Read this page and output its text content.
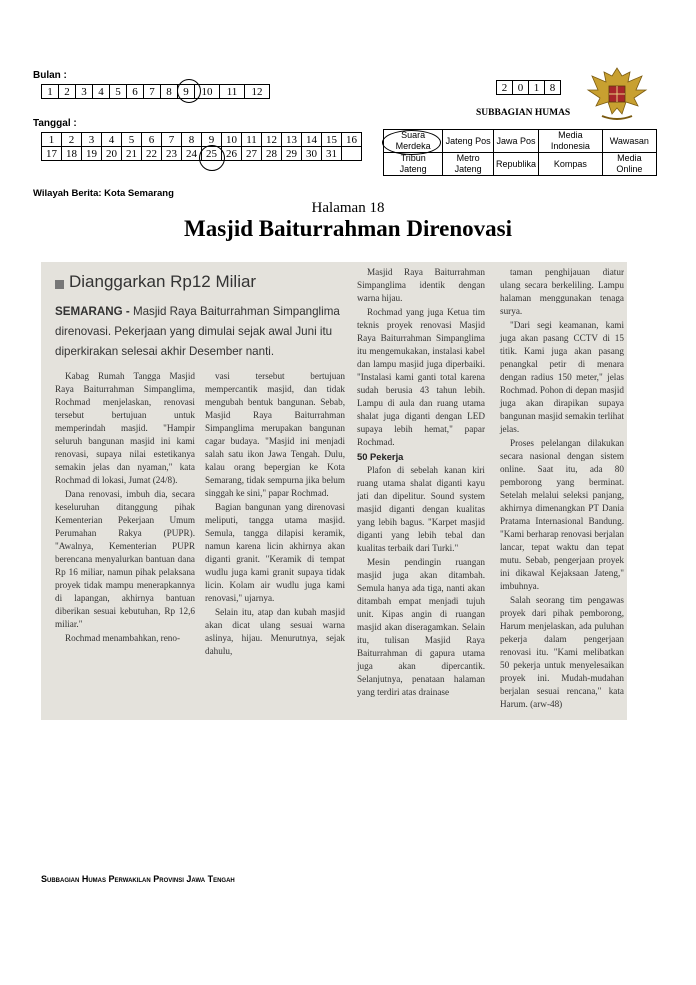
Bulan :
1	2	3	4	5	6	7	8	9	10	11	12
Tanggal :
1	2	3	4	5	6	7	8	9	10	11	12	13	14	15	16
17	18	19	20	21	22	23	24	25	26	27	28	29	30	31	
2	0	1	8
SUBBAGIAN HUMAS
Suara Merdeka	Jateng Pos	Jawa Pos	Media Indonesia	Wawasan
Tribun Jateng	Metro Jateng	Republika	Kompas	Media Online
Wilayah Berita: Kota Semarang
Halaman 18
Masjid Baiturrahman Direnovasi
Dianggarkan Rp12 Miliar
SEMARANG - Masjid Raya Baiturrahman Simpanglima direnovasi. Pekerjaan yang dimulai sejak awal Juni itu diperkirakan selesai akhir Desember nanti.

Kabag Rumah Tangga Masjid Raya Baiturrahman Simpanglima, Rochmad menjelaskan, renovasi tersebut bertujuan untuk memperindah masjid. "Hampir seluruh bangunan masjid ini kami renovasi, supaya nilai estetikanya semakin jelas dan nyaman," kata Rochmad di lokasi, Jumat (24/8).

Dana renovasi, imbuh dia, secara keseluruhan ditanggung pihak Kementerian Pekerjaan Umum Perumahan Rakya (PUPR). "Awalnya, Kementerian PUPR berencana menyalurkan bantuan dana Rp 16 miliar, namun pihak pelaksana proyek tidak mampu menerapkannya di lapangan, akhirnya bantuan diberikan sesuai kebutuhan, Rp 12,6 miliar."

Rochmad menambahkan, reno-

vasi tersebut bertujuan mempercantik masjid, dan tidak mengubah bentuk bangunan. Sebab, Masjid Raya Baiturrahman Simpanglima merupakan bangunan cagar budaya. "Masjid ini menjadi salah satu ikon Jawa Tengah. Dulu, kalau orang bepergian ke Kota Semarang, tidak sempurna jika belum singgah ke sini," papar Rochmad.

Bagian bangunan yang direnovasi meliputi, tangga utama masjid. Semula, tangga dilapisi keramik, namun karena licin akhirnya akan diganti granit. "Keramik di tempat wudlu juga kami granit supaya tidak licin. Kolam air wudlu juga kami renovasi," ujarnya.

Selain itu, atap dan kubah masjid akan dicat ulang sesuai warna aslinya, hijau. Menurutnya, sejak dahulu,

Masjid Raya Baiturrahman Simpanglima identik dengan warna hijau.

Rochmad yang juga Ketua tim teknis proyek renovasi Masjid Raya Baiturrahman Simpanglima itu mengemukakan, instalasi kabel dan lampu masjid juga diperbaiki. "Instalasi kami ganti total karena sudah berusia 43 tahun lebih. Lampu di aula dan ruang utama shalat juga diganti dengan LED supaya lebih hemat," papar Rochmad.

50 Pekerja

Plafon di sebelah kanan kiri ruang utama shalat diganti kayu jati dan dipelitur. Sound system masjid diganti dengan kualitas yang lebih bagus. "Karpet masjid diganti yang lebih tebal dan kualitas terbaik dari Turki."

Mesin pendingin ruangan masjid juga akan ditambah. Semula hanya ada tiga, nanti akan ditambah empat menjadi tujuh unit. Kipas angin di ruangan masjid akan diseragamkan. Selain itu, tulisan Masjid Raya Baiturrahman di gapura utama juga akan dipercantik. Selanjutnya, penataan halaman yang terdiri atas drainase

taman penghijauan diatur ulang secara berkeliling. Lampu halaman menggunakan tenaga surya.

"Dari segi keamanan, kami juga akan pasang CCTV di 15 titik. Kami juga akan pasang penangkal petir di menara dengan radius 150 meter," jelas Rochmad. Pohon di depan masjid juga akan dirapikan supaya bangunan masjid semakin terlihat jelas.

Proses pelelangan dilakukan secara nasional dengan sistem online. Saat itu, ada 80 pemborong yang berminat. Setelah melalui seleksi panjang, akhirnya dimenangkan PT Dania Pratama Internasional Bandung. "Kami berharap renovasi berjalan lancar, tepat waktu dan tepat mutu. Sebab, pengerjaan proyek ini dikawal Kejaksaan Jateng," imbuhnya.

Salah seorang tim pengawas proyek dari pihak pemborong, Harum menjelaskan, ada puluhan pekerja dalam pengerjaan renovasi itu. "Kami melibatkan 50 pekerja untuk menyelesaikan proyek ini. Mudah-mudahan berjalan sesuai rencana," kata Harum. (arw-48)

Subbagian Humas Perwakilan Provinsi Jawa Tengah
